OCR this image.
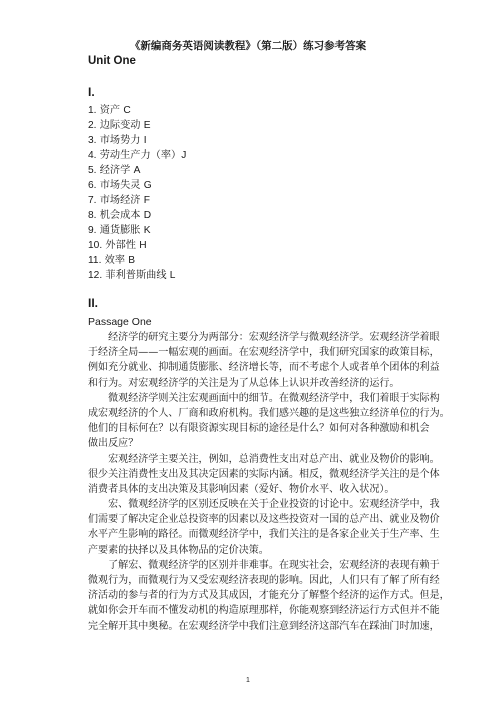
《新编商务英语阅读教程》（第二版）练习参考答案
Unit One
I.
1. 资产 C
2. 边际变动 E
3. 市场势力 I
4. 劳动生产力（率）J
5. 经济学 A
6. 市场失灵 G
7. 市场经济 F
8. 机会成本 D
9. 通货膨胀 K
10. 外部性 H
11. 效率 B
12. 菲利普斯曲线 L
II.
Passage One
　　经济学的研究主要分为两部分：宏观经济学与微观经济学。宏观经济学着眼
于经济全局——一幅宏观的画面。在宏观经济学中，我们研究国家的政策目标，
例如充分就业、抑制通货膨胀、经济增长等，而不考虑个人或者单个团体的利益
和行为。对宏观经济学的关注是为了从总体上认识并改善经济的运行。
　　微观经济学则关注宏观画面中的细节。在微观经济学中，我们着眼于实际构
成宏观经济的个人、厂商和政府机构。我们感兴趣的是这些独立经济单位的行为。
他们的目标何在？以有限资源实现目标的途径是什么？如何对各种激励和机会
做出反应？
　　宏观经济学主要关注，例如，总消费性支出对总产出、就业及物价的影响。
很少关注消费性支出及其决定因素的实际内涵。相反，微观经济学关注的是个体
消费者具体的支出决策及其影响因素（爱好、物价水平、收入状况）。
　　宏、微观经济学的区别还反映在关于企业投资的讨论中。宏观经济学中，我
们需要了解决定企业总投资率的因素以及这些投资对一国的总产出、就业及物价
水平产生影响的路径。而微观经济学中，我们关注的是各家企业关于生产率、生
产要素的抉择以及具体物品的定价决策。
　　了解宏、微观经济学的区别并非难事。在现实社会，宏观经济的表现有赖于
微观行为，而微观行为又受宏观经济表现的影响。因此，人们只有了解了所有经
济活动的参与者的行为方式及其成因，才能充分了解整个经济的运作方式。但是，
就如你会开车而不懂发动机的构造原理那样，你能观察到经济运行方式但并不能
完全解开其中奥秘。在宏观经济学中我们注意到经济这部汽车在踩油门时加速，
1
